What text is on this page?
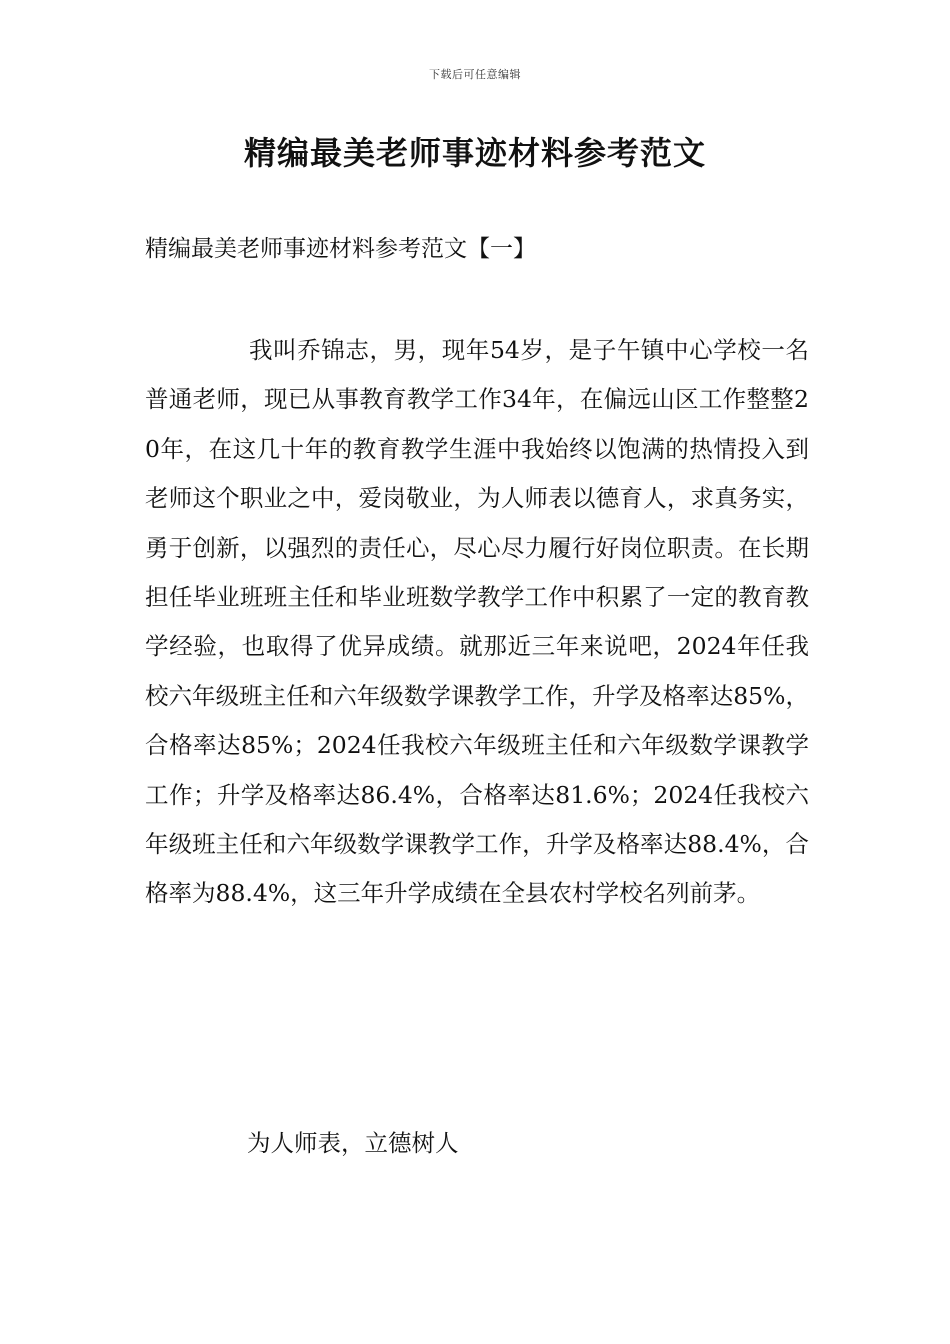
下载后可任意编辑
精编最美老师事迹材料参考范文
精编最美老师事迹材料参考范文【一】

我叫乔锦志，男，现年54岁，是子午镇中心学校一名普通老师，现已从事教育教学工作34年，在偏远山区工作整整20年，在这几十年的教育教学生涯中我始终以饱满的热情投入到老师这个职业之中，爱岗敬业，为人师表以德育人，求真务实，勇于创新，以强烈的责任心，尽心尽力履行好岗位职责。在长期担任毕业班班主任和毕业班数学教学工作中积累了一定的教育教学经验，也取得了优异成绩。就那近三年来说吧，2024年任我校六年级班主任和六年级数学课教学工作，升学及格率达85%，合格率达85%；2024任我校六年级班主任和六年级数学课教学工作；升学及格率达86.4%，合格率达81.6%；2024任我校六年级班主任和六年级数学课教学工作，升学及格率达88.4%，合格率为88.4%，这三年升学成绩在全县农村学校名列前茅。

为人师表，立德树人
